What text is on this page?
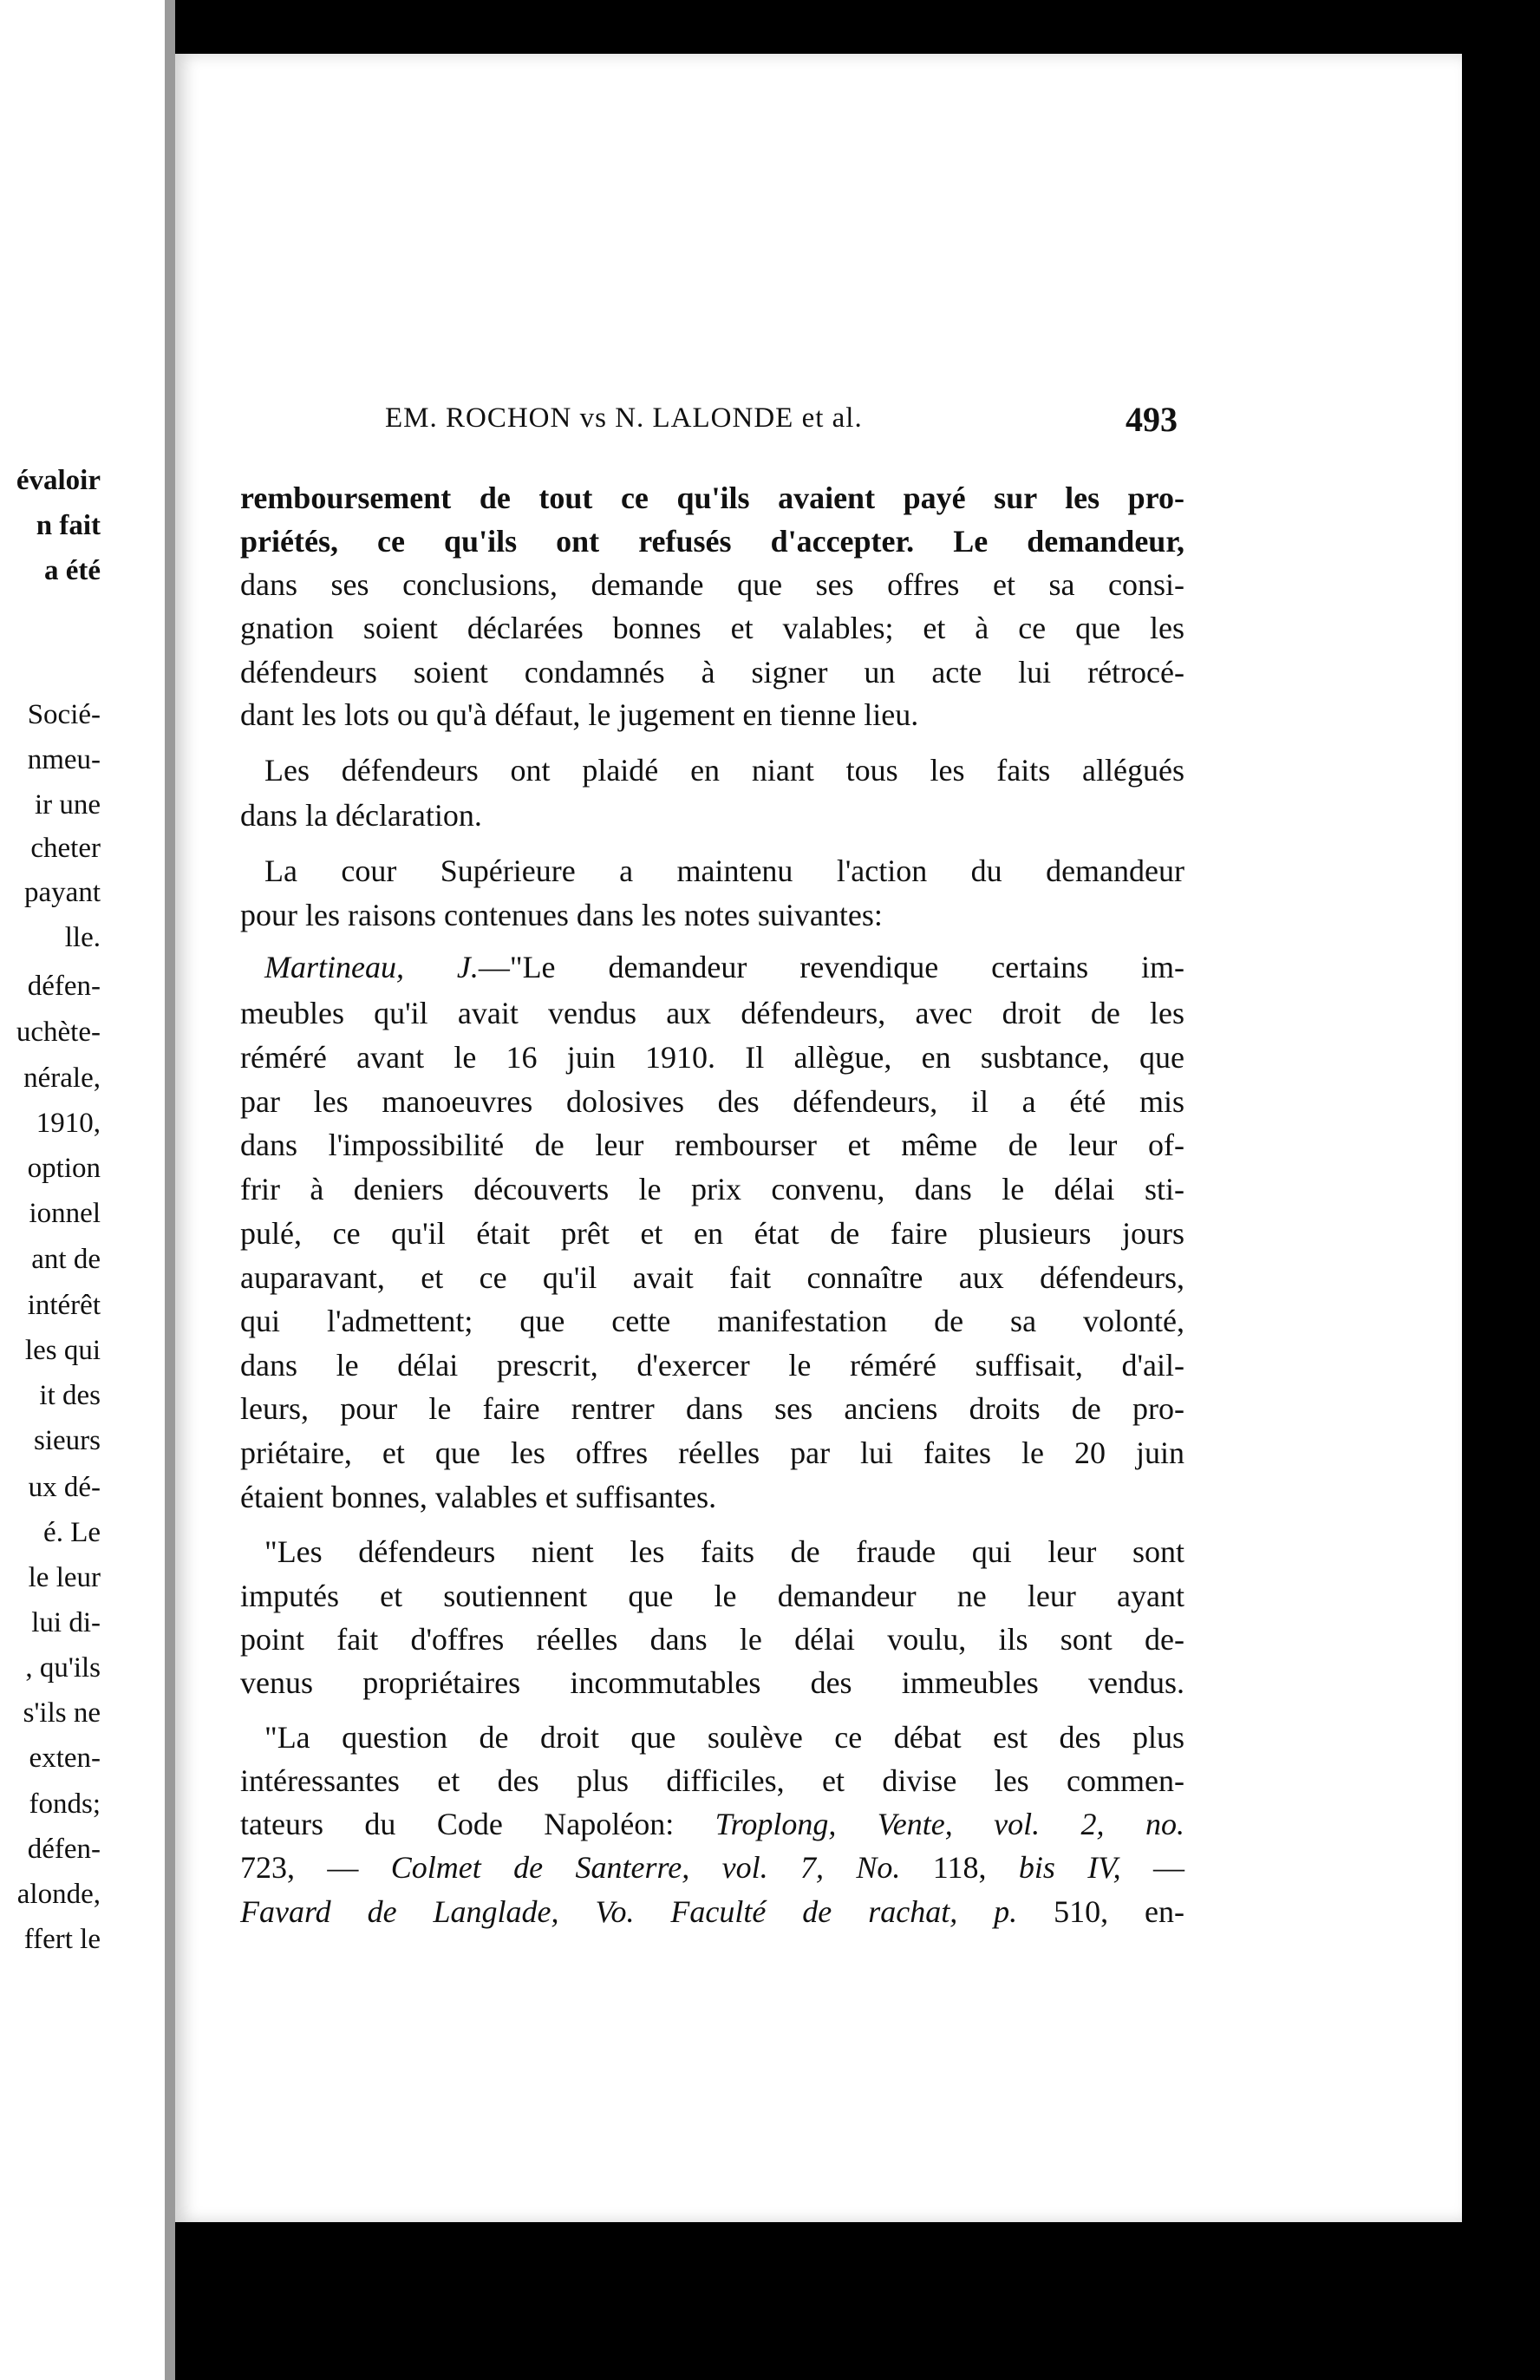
évaloir
n fait
a été
Socié-
nmeu-
ir une
cheter
payant
lle.
défen-
uchète-
nérale,
1910,
option
ionnel
ant de
intérêt
les qui
it des
sieurs
ux dé-
é. Le
le leur
lui di-
, qu'ils
s'ils ne
exten-
fonds;
défen-
alonde,
ffert le
EM. ROCHON vs N. LALONDE et al.	493
remboursement de tout ce qu'ils avaient payé sur les pro-
priétés, ce qu'ils ont refusés d'accepter. Le demandeur,
dans ses conclusions, demande que ses offres et sa consi-
gnation soient déclarées bonnes et valables; et à ce que les
défendeurs soient condamnés à signer un acte lui rétrocé-
dant les lots ou qu'à défaut, le jugement en tienne lieu.
Les défendeurs ont plaidé en niant tous les faits allégués
dans la déclaration.
La cour Supérieure a maintenu l'action du demandeur
pour les raisons contenues dans les notes suivantes:
Martineau, J.—"Le demandeur revendique certains im-
meubles qu'il avait vendus aux défendeurs, avec droit de les
réméré avant le 16 juin 1910. Il allègue, en susbtance, que
par les manoeuvres dolosives des défendeurs, il a été mis
dans l'impossibilité de leur rembourser et même de leur of-
frir à deniers découverts le prix convenu, dans le délai sti-
pulé, ce qu'il était prêt et en état de faire plusieurs jours
auparavant, et ce qu'il avait fait connaître aux défendeurs,
qui l'admettent; que cette manifestation de sa volonté,
dans le délai prescrit, d'exercer le réméré suffisait, d'ail-
leurs, pour le faire rentrer dans ses anciens droits de pro-
priétaire, et que les offres réelles par lui faites le 20 juin
étaient bonnes, valables et suffisantes.
"Les défendeurs nient les faits de fraude qui leur sont
imputés et soutiennent que le demandeur ne leur ayant
point fait d'offres réelles dans le délai voulu, ils sont de-
venus propriétaires incommutables des immeubles vendus.
"La question de droit que soulève ce débat est des plus
intéressantes et des plus difficiles, et divise les commen-
tateurs du Code Napoléon: Troplong, Vente, vol. 2, no.
723, — Colmet de Santerre, vol. 7, No. 118, bis IV, —
Favard de Langlade, Vo. Faculté de rachat, p. 510, en-
